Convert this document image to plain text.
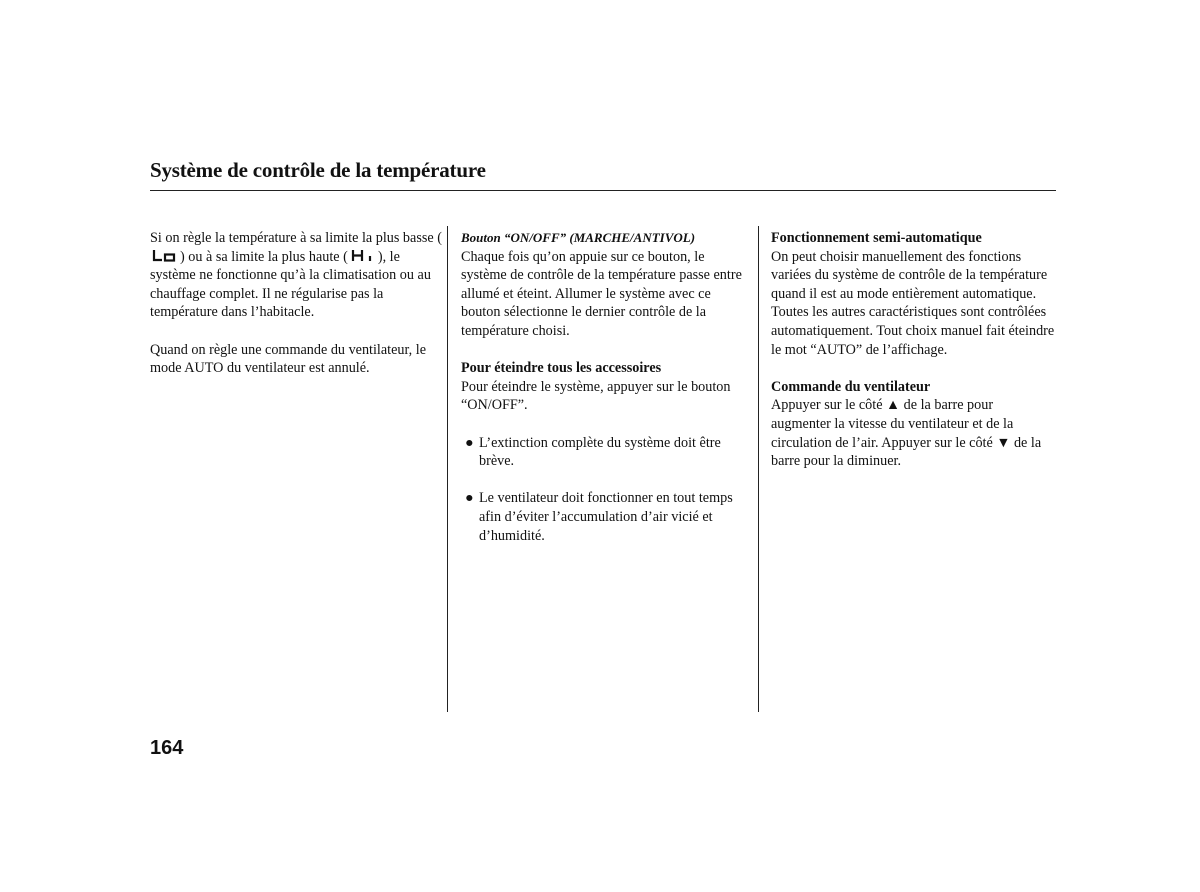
Système de contrôle de la température

Si on règle la température à sa limite la plus basse () ou à sa limite la plus haute ( ), le système ne fonctionne qu’à la climatisation ou au chauffage complet. Il ne régularise pas la température dans l’habitacle.

Quand on règle une commande du ventilateur, le mode AUTO du ventilateur est annulé.

Bouton “ON/OFF” (MARCHE/ANTIVOL)

Chaque fois qu’on appuie sur ce bouton, le système de contrôle de la température passe entre allumé et éteint. Allumer le système avec ce bouton sélectionne le dernier contrôle de la température choisi.

Pour éteindre tous les accessoires

Pour éteindre le système, appuyer sur le bouton “ON/OFF”.

● L’extinction complète du système doit être brève.

● Le ventilateur doit fonctionner en tout temps afin d’éviter l’accumulation d’air vicié et d’humidité.

Fonctionnement semi-automatique

On peut choisir manuellement des fonctions variées du système de contrôle de la température quand il est au mode entièrement automatique. Toutes les autres caractéristiques sont contrôlées automatiquement. Tout choix manuel fait éteindre le mot “AUTO” de l’affichage.

Commande du ventilateur

Appuyer sur le côté ▲ de la barre pour augmenter la vitesse du ventilateur et de la circulation de l’air. Appuyer sur le côté ▼ de la barre pour la diminuer.

164
